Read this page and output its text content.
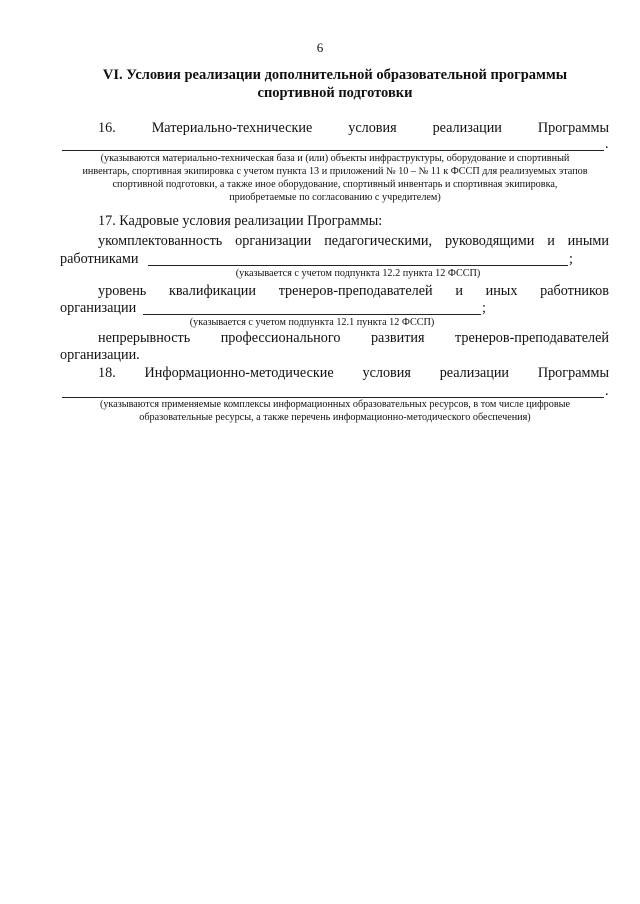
6
VI. Условия реализации дополнительной образовательной программы
спортивной подготовки
16.	Материально-технические	условия	реализации	Программы
.
(указываются материально-техническая база и (или) объекты инфраструктуры, оборудование и спортивный
инвентарь, спортивная экипировка с учетом пункта 13 и приложений № 10 – № 11 к ФССП для реализуемых этапов
спортивной подготовки, а также иное оборудование, спортивный инвентарь и спортивная экипировка,
приобретаемые по согласованию с учредителем)
17. Кадровые условия реализации Программы:
укомплектованность организации педагогическими, руководящими и иными
работниками	;
(указывается с учетом подпункта 12.2 пункта 12 ФССП)
уровень квалификации тренеров-преподавателей и иных работников
организации	;
(указывается с учетом подпункта 12.1 пункта 12 ФССП)
непрерывность профессионального развития тренеров-преподавателей
организации.
18. Информационно-методические условия реализации Программы
.
(указываются применяемые комплексы информационных образовательных ресурсов, в том числе цифровые
образовательные ресурсы, а также перечень информационно-методического обеспечения)
